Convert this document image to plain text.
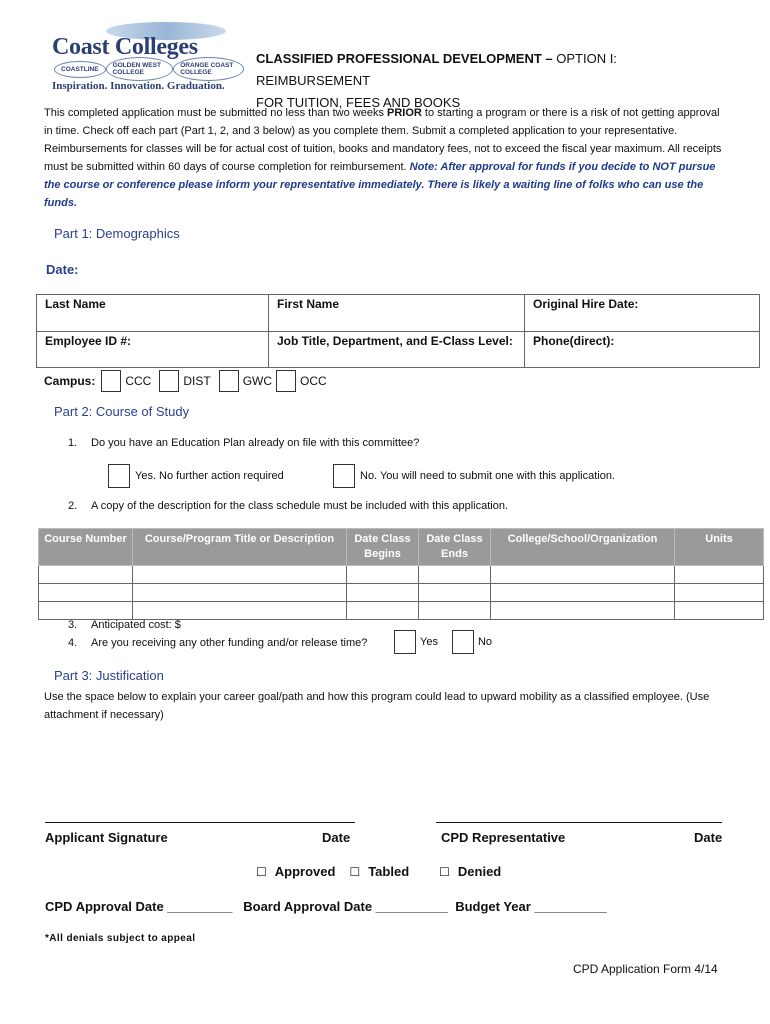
Coast Colleges
COASTLINE	GOLDEN WEST COLLEGE
ORANGE COAST COLLEGE
Inspiration. Innovation. Graduation.
CLASSIFIED PROFESSIONAL DEVELOPMENT – OPTION I: REIMBURSEMENT
FOR TUITION, FEES AND BOOKS
This completed application must be submitted no less than two weeks PRIOR to starting a program or there is a risk of not getting approval in time. Check off each part (Part 1, 2, and 3 below) as you complete them. Submit a completed application to your representative. Reimbursements for classes will be for actual cost of tuition, books and mandatory fees, not to exceed the fiscal year maximum. All receipts must be submitted within 60 days of course completion for reimbursement. Note: After approval for funds if you decide to NOT pursue the course or conference please inform your representative immediately. There is likely a waiting line of folks who can use the funds.
Part 1: Demographics
Date:
Last Name	First Name	Original Hire Date:
Employee ID #:	Job Title, Department, and E-Class Level:	Phone(direct):
Campus:	CCC	DIST	GWC OCC
Part 2: Course of Study
1. Do you have an Education Plan already on file with this committee?
Yes. No further action required	No. You will need to submit one with this application.
2. A copy of the description for the class schedule must be included with this application.
Course Number	Course/Program Title or Description	Date Class Begins	Date Class Ends	College/School/Organization	Units

3. Anticipated cost: $
4. Are you receiving any other funding and/or release time?	Yes	No
Part 3: Justification
Use the space below to explain your career goal/path and how this program could lead to upward mobility as a classified employee. (Use attachment if necessary)
Applicant Signature	Date	CPD Representative	Date
☐ Approved ☐ Tabled	☐ Denied
CPD Approval Date _________ Board Approval Date __________ Budget Year __________
*All denials subject to appeal
CPD Application Form 4/14
